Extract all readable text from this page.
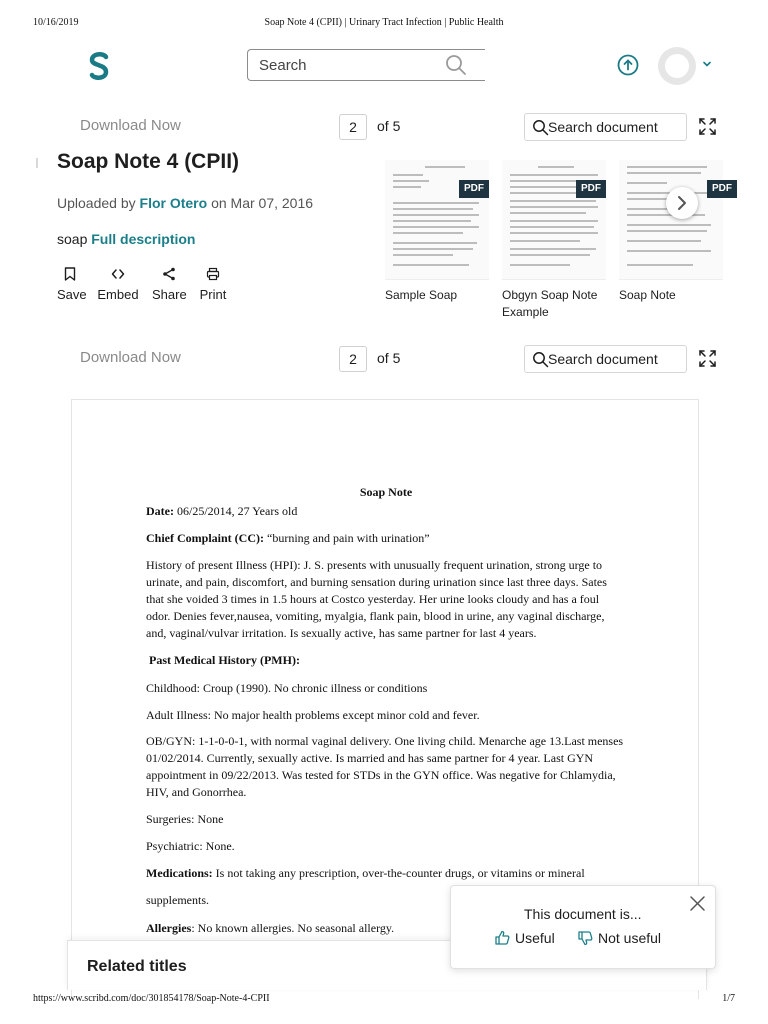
10/16/2019	Soap Note 4 (CPII) | Urinary Tract Infection | Public Health
Search
Download Now	2	of 5	Search document
Soap Note 4 (CPII)
Uploaded by Flor Otero on Mar 07, 2016
soap Full description
Save Embed Share Print
PDF
Sample Soap
PDF
Obgyn Soap Note Example
PDF
Soap Note
Download Now	2	of 5	Search document
Soap Note

Date: 06/25/2014, 27 Years old

Chief Complaint (CC): “burning and pain with urination”

History of present Illness (HPI): J. S. presents with unusually frequent urination, strong urge to urinate, and pain, discomfort, and burning sensation during urination since last three days. Sates that she voided 3 times in 1.5 hours at Costco yesterday. Her urine looks cloudy and has a foul odor. Denies fever,nausea, vomiting, myalgia, flank pain, blood in urine, any vaginal discharge, and, vaginal/vulvar irritation. Is sexually active, has same partner for last 4 years.

Past Medical History (PMH):

Childhood: Croup (1990). No chronic illness or conditions

Adult Illness: No major health problems except minor cold and fever.

OB/GYN: 1-1-0-0-1, with normal vaginal delivery. One living child. Menarche age 13.Last menses 01/02/2014. Currently, sexually active. Is married and has same partner for 4 year. Last GYN appointment in 09/22/2013. Was tested for STDs in the GYN office. Was negative for Chlamydia, HIV, and Gonorrhea.

Surgeries: None

Psychiatric: None.

Medications: Is not taking any prescription, over-the-counter drugs, or vitamins or mineral

supplements.

Allergies: No known allergies. No seasonal allergy.

Related titles
This document is...
Useful	Not useful
https://www.scribd.com/doc/301854178/Soap-Note-4-CPII	1/7
